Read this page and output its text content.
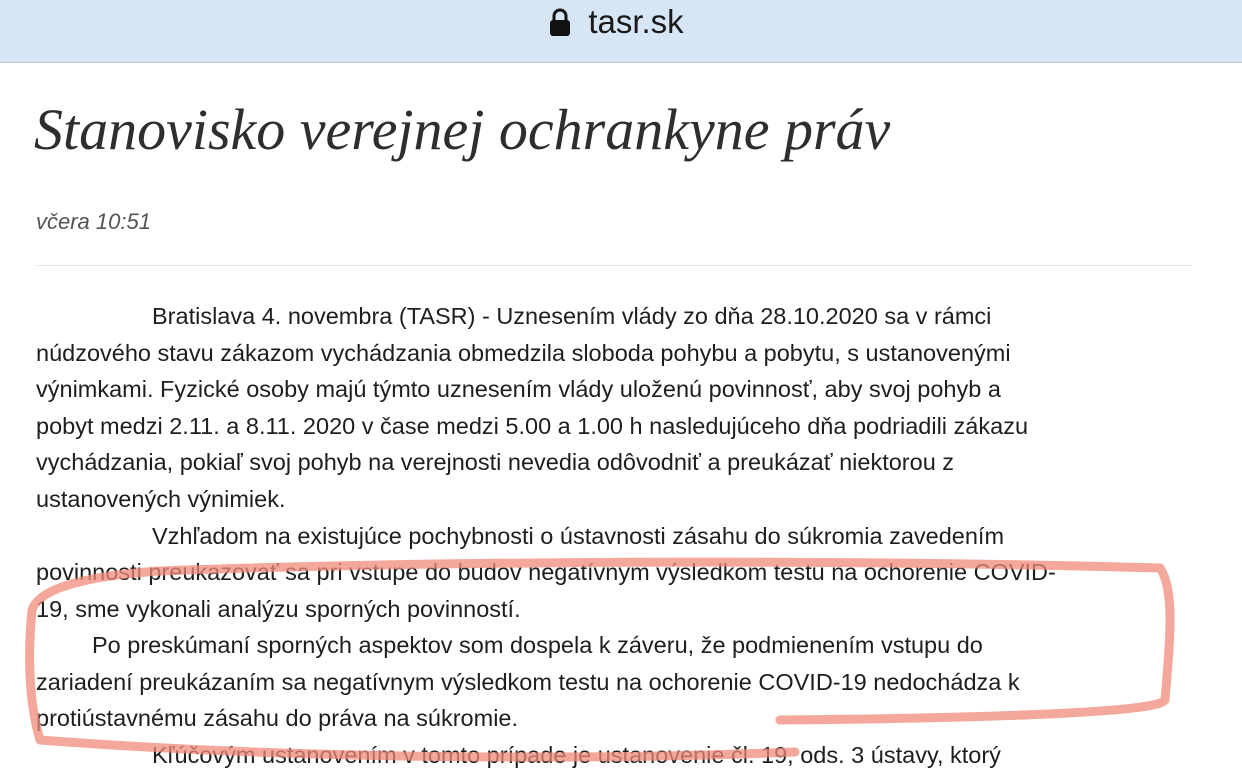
tasr.sk
Stanovisko verejnej ochrankyne práv
včera 10:51
Bratislava 4. novembra (TASR) - Uznesením vlády zo dňa 28.10.2020 sa v rámci
núdzového stavu zákazom vychádzania obmedzila sloboda pohybu a pobytu, s ustanovenými
výnimkami. Fyzické osoby majú týmto uznesením vlády uloženú povinnosť, aby svoj pohyb a
pobyt medzi 2.11. a 8.11. 2020 v čase medzi 5.00 a 1.00 h nasledujúceho dňa podriadili zákazu
vychádzania, pokiaľ svoj pohyb na verejnosti nevedia odôvodniť a preukázať niektorou z
ustanovených výnimiek.
Vzhľadom na existujúce pochybnosti o ústavnosti zásahu do súkromia zavedením
povinnosti preukazovať sa pri vstupe do budov negatívnym výsledkom testu na ochorenie COVID-
19, sme vykonali analýzu sporných povinností.
Po preskúmaní sporných aspektov som dospela k záveru, že podmienením vstupu do
zariadení preukázaním sa negatívnym výsledkom testu na ochorenie COVID-19 nedochádza k
protiústavnému zásahu do práva na súkromie.
Kľúčovým ustanovením v tomto prípade je ustanovenie čl. 19, ods. 3 ústavy, ktorý
